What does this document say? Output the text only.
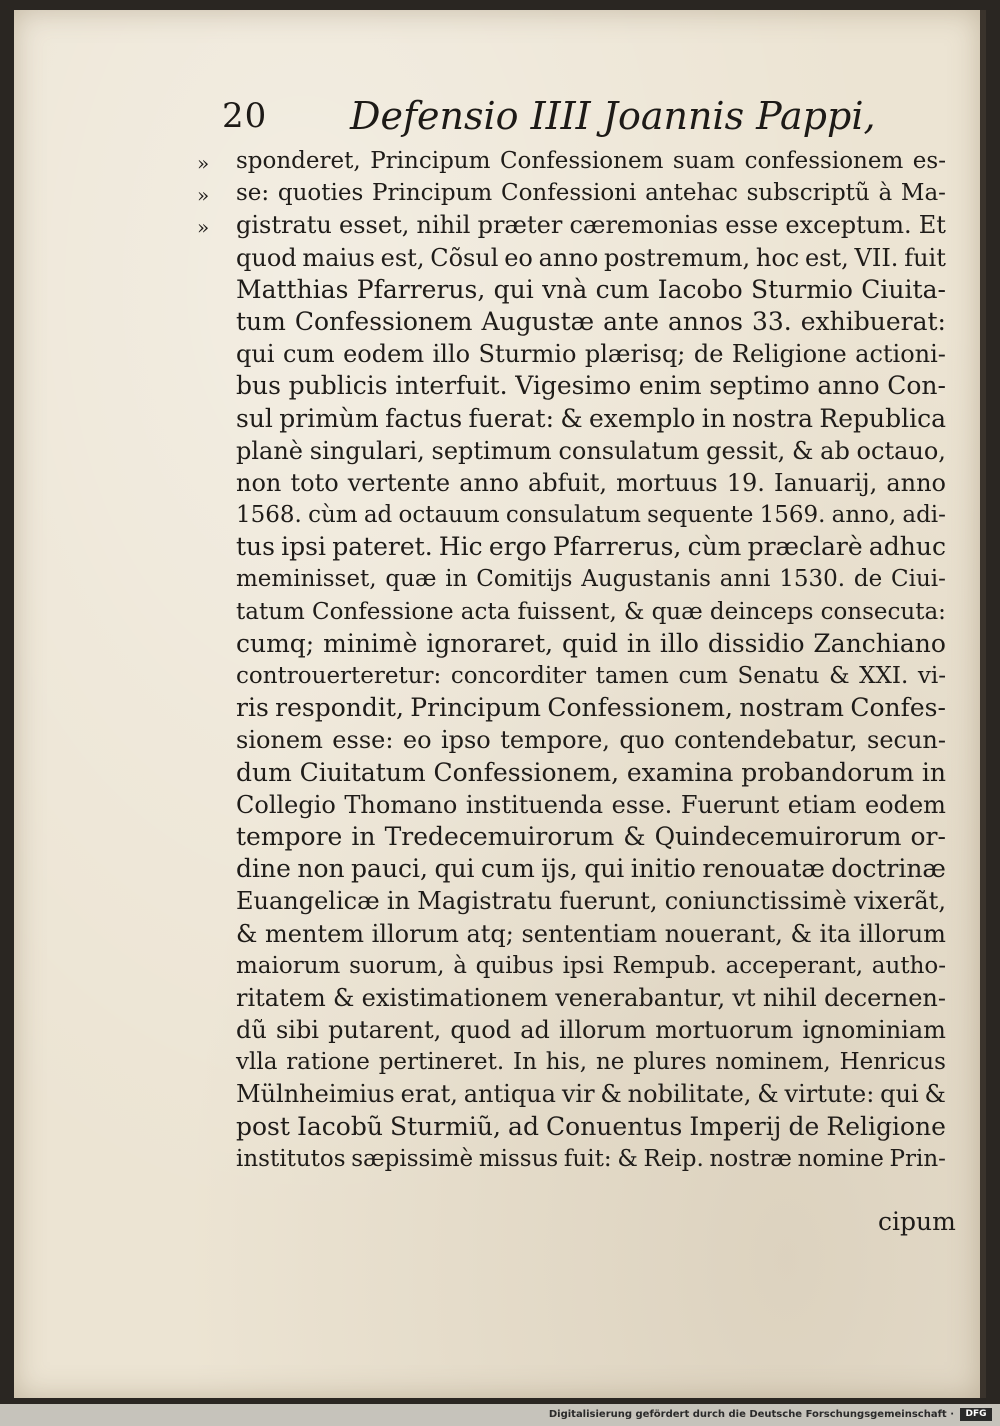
20 Defensio IIII Joannis Pappi,
»
»
»
sponderet, Principum Confessionem suam confessionem es-
se: quoties Principum Confessioni antehac subscriptũ à Ma-
gistratu esset, nihil præter cæremonias esse exceptum. Et
quod maius est, Cõsul eo anno postremum, hoc est, VII. fuit
Matthias Pfarrerus, qui vnà cum Iacobo Sturmio Ciuita-
tum Confessionem Augustæ ante annos 33. exhibuerat:
qui cum eodem illo Sturmio plærisq; de Religione actioni-
bus publicis interfuit. Vigesimo enim septimo anno Con-
sul primùm factus fuerat: & exemplo in nostra Republica
planè singulari, septimum consulatum gessit, & ab octauo,
non toto vertente anno abfuit, mortuus 19. Ianuarij, anno
1568. cùm ad octauum consulatum sequente 1569. anno, adi-
tus ipsi pateret. Hic ergo Pfarrerus, cùm præclarè adhuc
meminisset, quæ in Comitijs Augustanis anni 1530. de Ciui-
tatum Confessione acta fuissent, & quæ deinceps consecuta:
cumq; minimè ignoraret, quid in illo dissidio Zanchiano
controuerteretur: concorditer tamen cum Senatu & XXI. vi-
ris respondit, Principum Confessionem, nostram Confes-
sionem esse: eo ipso tempore, quo contendebatur, secun-
dum Ciuitatum Confessionem, examina probandorum in
Collegio Thomano instituenda esse. Fuerunt etiam eodem
tempore in Tredecemuirorum & Quindecemuirorum or-
dine non pauci, qui cum ijs, qui initio renouatæ doctrinæ
Euangelicæ in Magistratu fuerunt, coniunctissimè vixerãt,
& mentem illorum atq; sententiam nouerant, & ita illorum
maiorum suorum, à quibus ipsi Rempub. acceperant, autho-
ritatem & existimationem venerabantur, vt nihil decernen-
dũ sibi putarent, quod ad illorum mortuorum ignominiam
vlla ratione pertineret. In his, ne plures nominem, Henricus
Mülnheimius erat, antiqua vir & nobilitate, & virtute: qui &
post Iacobũ Sturmiũ, ad Conuentus Imperij de Religione
institutos sæpissimè missus fuit: & Reip. nostræ nomine Prin-
cipum
Digitalisierung gefördert durch die Deutsche Forschungsgemeinschaft ·	DFG
